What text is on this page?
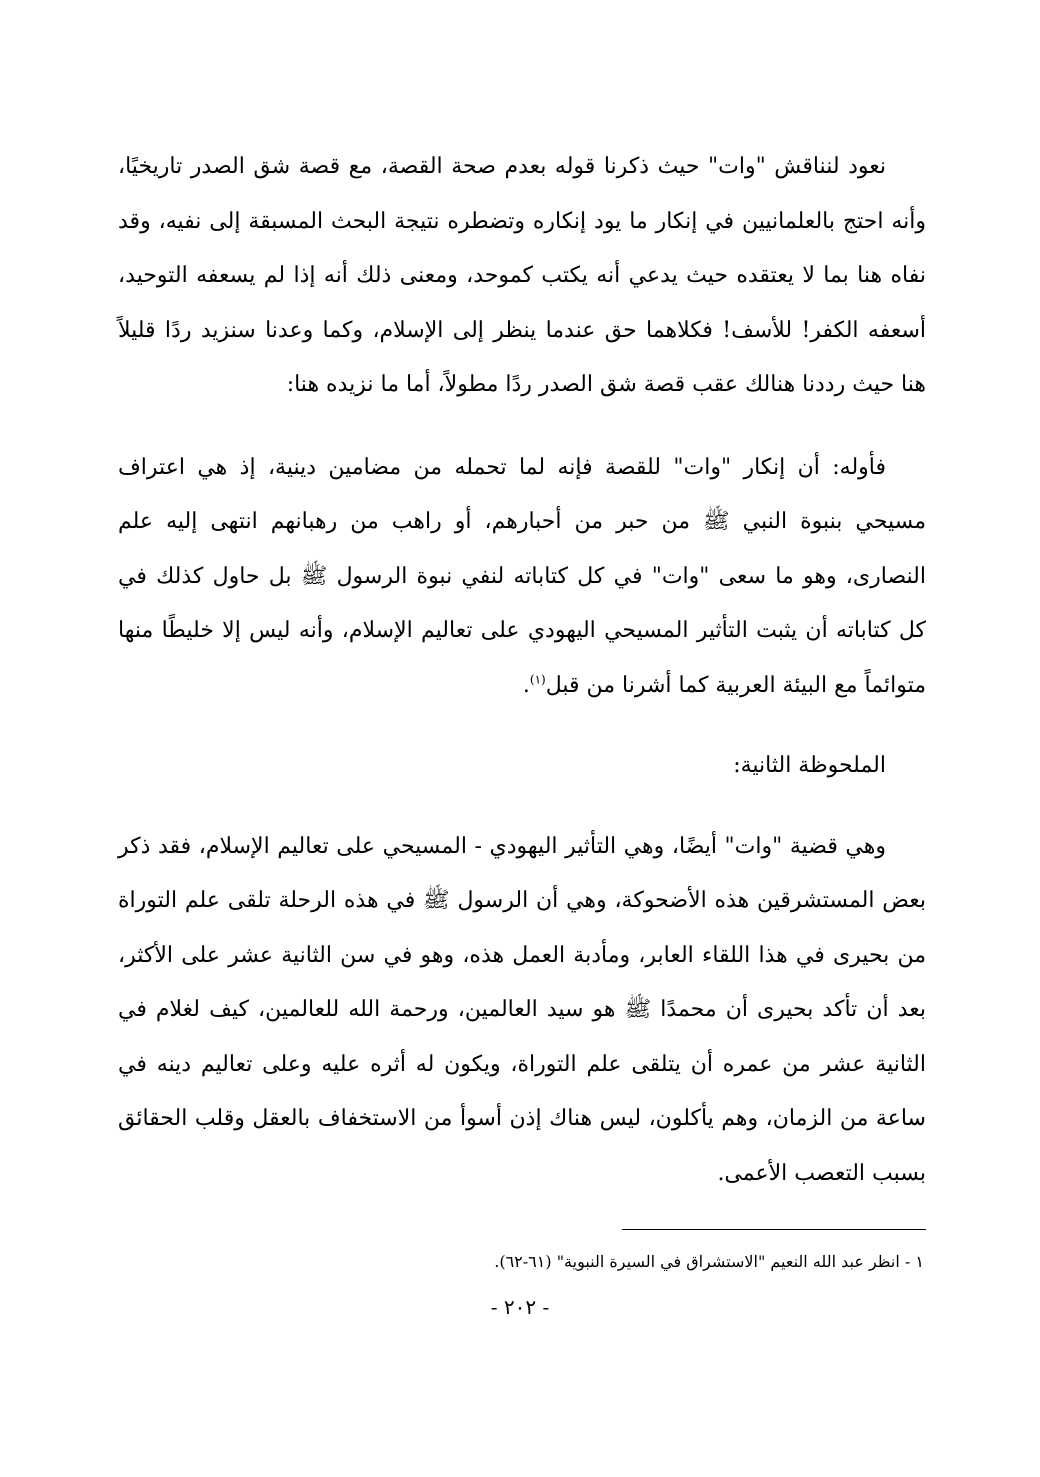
نعود لنناقش "وات" حيث ذكرنا قوله بعدم صحة القصة، مع قصة شق الصدر تاريخيًا، وأنه احتج بالعلمانيين في إنكار ما يود إنكاره وتضطره نتيجة البحث المسبقة إلى نفيه، وقد نفاه هنا بما لا يعتقده حيث يدعي أنه يكتب كموحد، ومعنى ذلك أنه إذا لم يسعفه التوحيد، أسعفه الكفر! للأسف! فكلاهما حق عندما ينظر إلى الإسلام، وكما وعدنا سنزيد ردًا قليلاً هنا حيث رددنا هنالك عقب قصة شق الصدر ردًا مطولاً، أما ما نزيده هنا:

فأوله: أن إنكار "وات" للقصة فإنه لما تحمله من مضامين دينية، إذ هي اعتراف مسيحي بنبوة النبي ﷺ من حبر من أحبارهم، أو راهب من رهبانهم انتهى إليه علم النصارى، وهو ما سعى "وات" في كل كتاباته لنفي نبوة الرسول ﷺ بل حاول كذلك في كل كتاباته أن يثبت التأثير المسيحي اليهودي على تعاليم الإسلام، وأنه ليس إلا خليطًا منها متوائماً مع البيئة العربية كما أشرنا من قبل$^{(١)}$.

الملحوظة الثانية:

وهي قضية "وات" أيضًا، وهي التأثير اليهودي - المسيحي على تعاليم الإسلام، فقد ذكر بعض المستشرقين هذه الأضحوكة، وهي أن الرسول ﷺ في هذه الرحلة تلقى علم التوراة من بحيرى في هذا اللقاء العابر، ومأدبة العمل هذه، وهو في سن الثانية عشر على الأكثر، بعد أن تأكد بحيرى أن محمدًا ﷺ هو سيد العالمين، ورحمة الله للعالمين، كيف لغلام في الثانية عشر من عمره أن يتلقى علم التوراة، ويكون له أثره عليه وعلى تعاليم دينه في ساعة من الزمان، وهم يأكلون، ليس هناك إذن أسوأ من الاستخفاف بالعقل وقلب الحقائق بسبب التعصب الأعمى.

١ - انظر عبد الله النعيم "الاستشراق في السيرة النبوية" (٦١-٦٢).
- ٢٠٢ -
